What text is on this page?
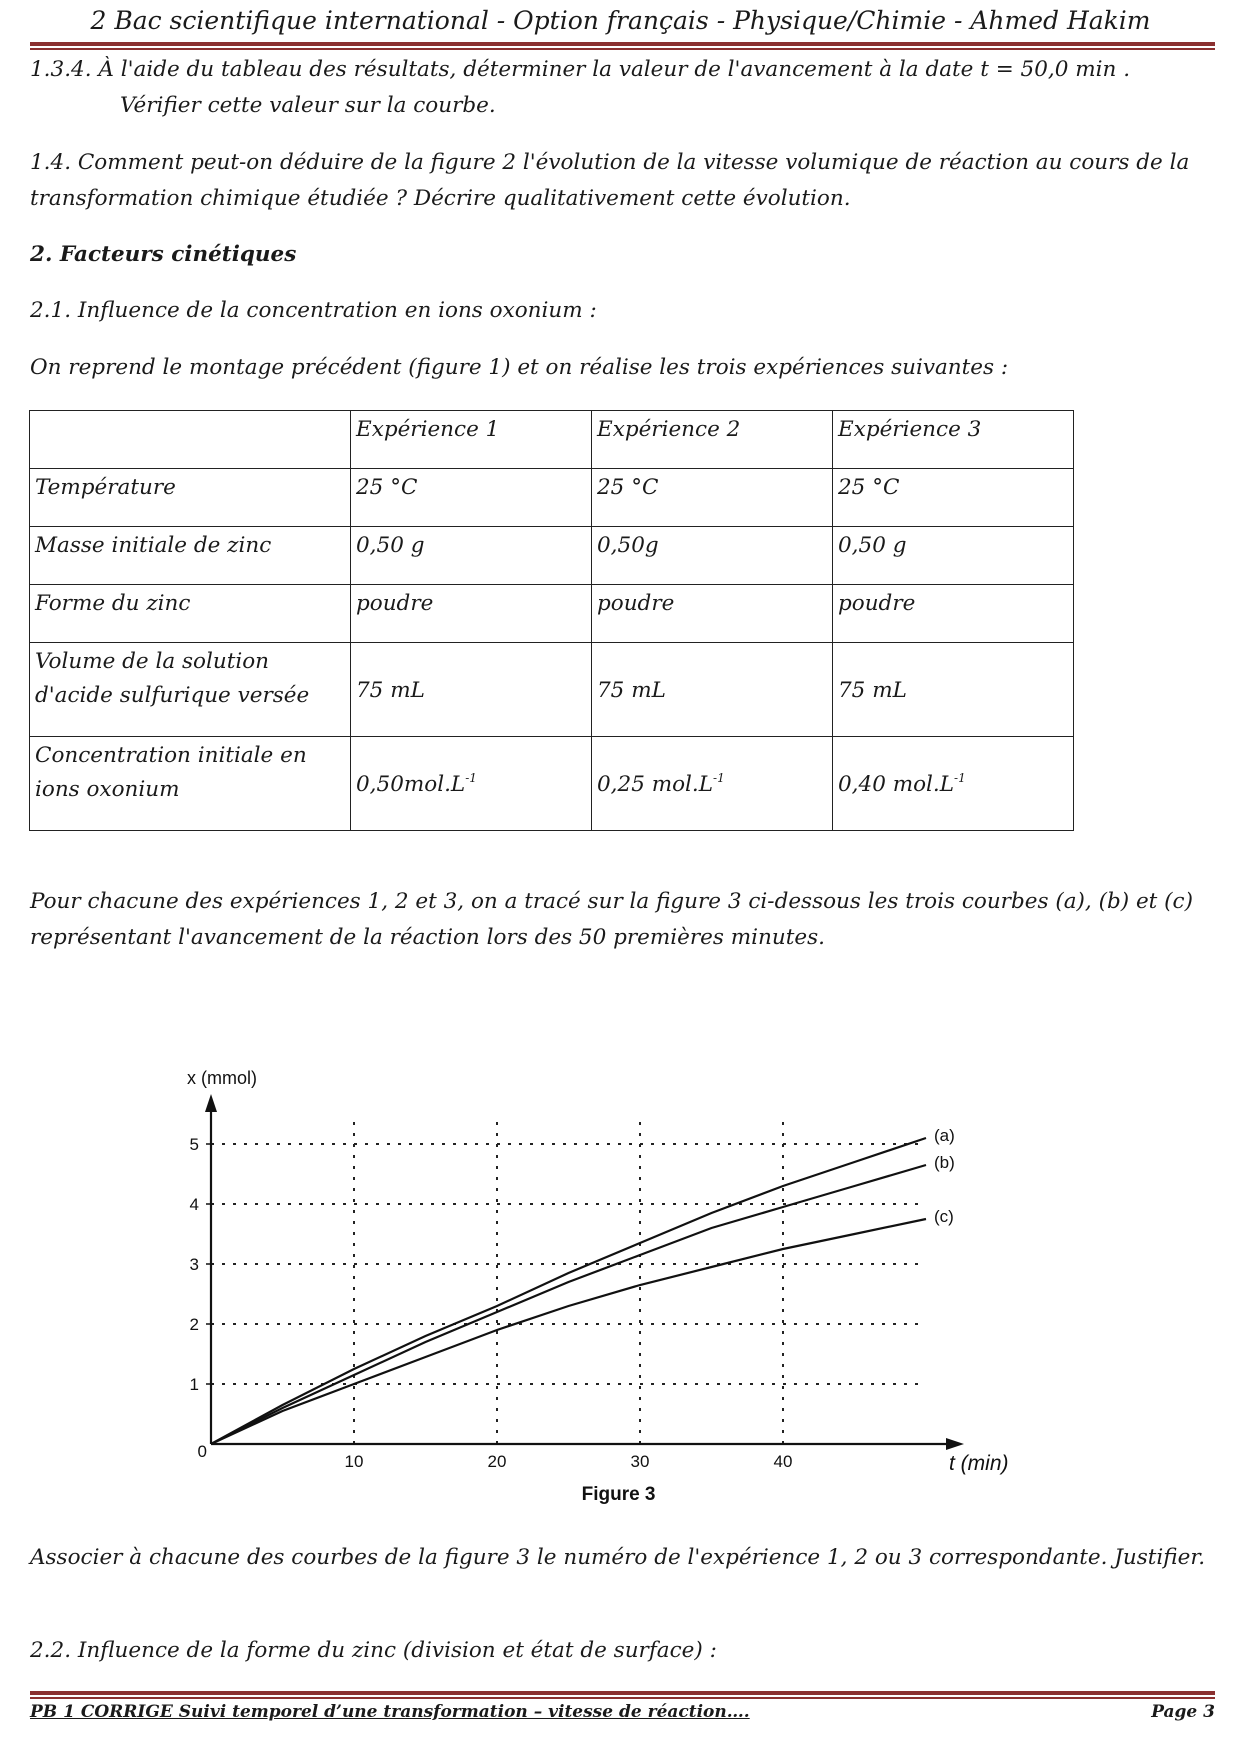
2 Bac scientifique international - Option français - Physique/Chimie - Ahmed Hakim

1.3.4. À l'aide du tableau des résultats, déterminer la valeur de l'avancement à la date t = 50,0 min .
Vérifier cette valeur sur la courbe.

1.4. Comment peut-on déduire de la figure 2 l'évolution de la vitesse volumique de réaction au cours de la transformation chimique étudiée ? Décrire qualitativement cette évolution.

2. Facteurs cinétiques

2.1. Influence de la concentration en ions oxonium :

On reprend le montage précédent (figure 1) et on réalise les trois expériences suivantes :

	Expérience 1	Expérience 2	Expérience 3
Température	25 °C	25 °C	25 °C
Masse initiale de zinc	0,50 g	0,50g	0,50 g
Forme du zinc	poudre	poudre	poudre
Volume de la solution d'acide sulfurique versée	75 mL	75 mL	75 mL
Concentration initiale en ions oxonium	$0,50mol.L^{-1}$	0,25 $mol.L^{-1}$	0,40 $mol.L^{-1}$

Pour chacune des expériences 1, 2 et 3, on a tracé sur la figure 3 ci-dessous les trois courbes (a), (b) et (c) représentant l'avancement de la réaction lors des 50 premières minutes.

1
2
3
4
5
10	20	30	40
0
x (mmol)
t (min)
Figure 3
(a)
(b)
(c)

Associer à chacune des courbes de la figure 3 le numéro de l'expérience 1, 2 ou 3 correspondante. Justifier.

2.2. Influence de la forme du zinc (division et état de surface) :

PB 1 CORRIGE Suivi temporel d’une transformation – vitesse de réaction….	Page 3
